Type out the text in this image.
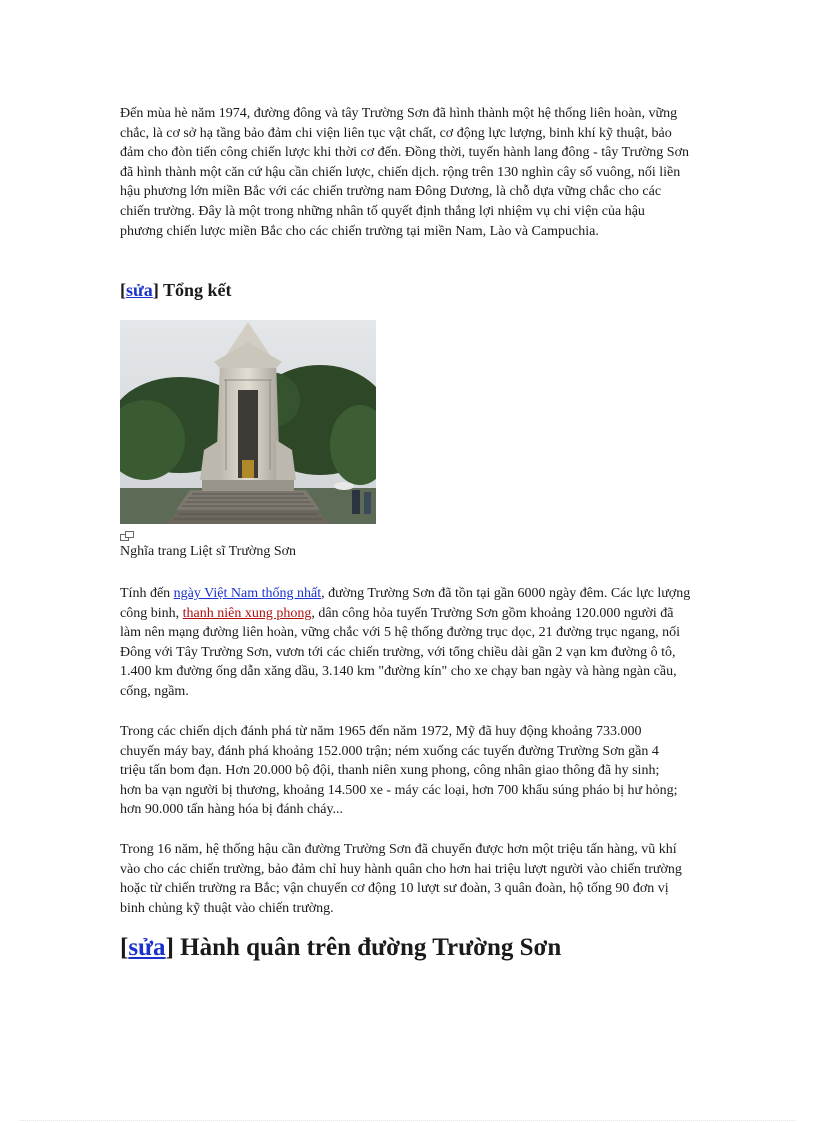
Đến mùa hè năm 1974, đường đông và tây Trường Sơn đã hình thành một hệ thống liên hoàn, vững chắc, là cơ sở hạ tầng bảo đảm chi viện liên tục vật chất, cơ động lực lượng, binh khí kỹ thuật, bảo đảm cho đòn tiến công chiến lược khi thời cơ đến. Đồng thời, tuyến hành lang đông - tây Trường Sơn đã hình thành một căn cứ hậu cần chiến lược, chiến dịch. rộng trên 130 nghìn cây số vuông, nối liền hậu phương lớn miền Bắc với các chiến trường nam Đông Dương, là chỗ dựa vững chắc cho các chiến trường. Đây là một trong những nhân tố quyết định thắng lợi nhiệm vụ chi viện của hậu phương chiến lược miền Bắc cho các chiến trường tại miền Nam, Lào và Campuchia.

[sửa] Tổng kết

Nghĩa trang Liệt sĩ Trường Sơn

Tính đến ngày Việt Nam thống nhất, đường Trường Sơn đã tồn tại gần 6000 ngày đêm. Các lực lượng công binh, thanh niên xung phong, dân công hỏa tuyến Trường Sơn gồm khoảng 120.000 người đã làm nên mạng đường liên hoàn, vững chắc với 5 hệ thống đường trục dọc, 21 đường trục ngang, nối Đông với Tây Trường Sơn, vươn tới các chiến trường, với tổng chiều dài gần 2 vạn km đường ô tô, 1.400 km đường ống dẫn xăng dầu, 3.140 km "đường kín" cho xe chạy ban ngày và hàng ngàn cầu, cống, ngầm.

Trong các chiến dịch đánh phá từ năm 1965 đến năm 1972, Mỹ đã huy động khoảng 733.000 chuyến máy bay, đánh phá khoảng 152.000 trận; ném xuống các tuyến đường Trường Sơn gần 4 triệu tấn bom đạn. Hơn 20.000 bộ đội, thanh niên xung phong, công nhân giao thông đã hy sinh; hơn ba vạn người bị thương, khoảng 14.500 xe - máy các loại, hơn 700 khẩu súng pháo bị hư hỏng; hơn 90.000 tấn hàng hóa bị đánh cháy...

Trong 16 năm, hệ thống hậu cần đường Trường Sơn đã chuyển được hơn một triệu tấn hàng, vũ khí vào cho các chiến trường, bảo đảm chỉ huy hành quân cho hơn hai triệu lượt người vào chiến trường hoặc từ chiến trường ra Bắc; vận chuyển cơ động 10 lượt sư đoàn, 3 quân đoàn, hộ tống 90 đơn vị binh chủng kỹ thuật vào chiến trường.

[sửa] Hành quân trên đường Trường Sơn
